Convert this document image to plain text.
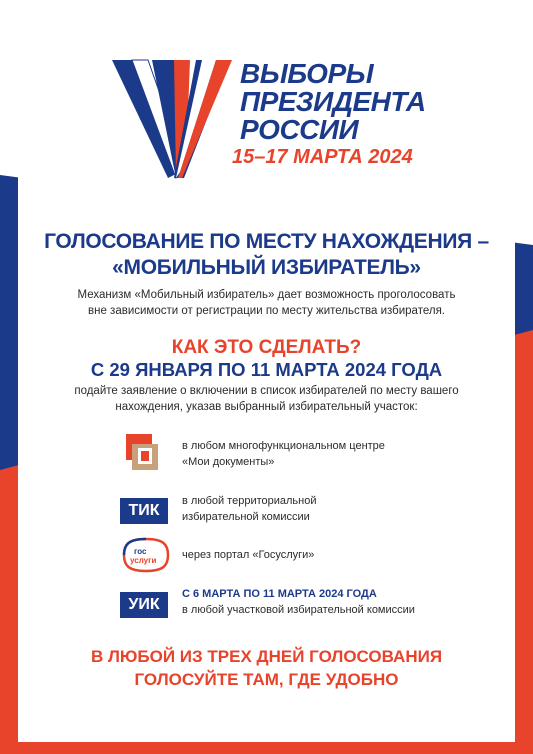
ВЫБОРЫ
ПРЕЗИДЕНТА
РОССИИ
15–17 МАРТА 2024
ГОЛОСОВАНИЕ ПО МЕСТУ НАХОЖДЕНИЯ –
«МОБИЛЬНЫЙ ИЗБИРАТЕЛЬ»
Механизм «Мобильный избиратель» дает возможность проголосовать
вне зависимости от регистрации по месту жительства избирателя.
КАК ЭТО СДЕЛАТЬ?
С 29 ЯНВАРЯ ПО 11 МАРТА 2024 ГОДА
подайте заявление о включении в список избирателей по месту вашего
нахождения, указав выбранный избирательный участок:
в любом многофункциональном центре
«Мои документы»
ТИК
в любой территориальной
избирательной комиссии
гос
услуги через портал «Госуслуги»
УИК
С 6 МАРТА ПО 11 МАРТА 2024 ГОДА
в любой участковой избирательной комиссии
В ЛЮБОЙ ИЗ ТРЕХ ДНЕЙ ГОЛОСОВАНИЯ
ГОЛОСУЙТЕ ТАМ, ГДЕ УДОБНО
